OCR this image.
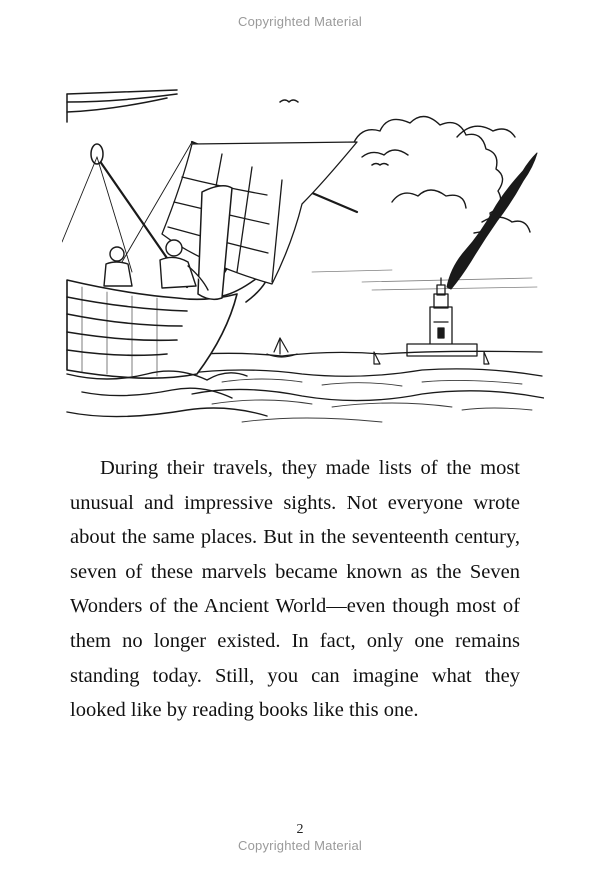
Copyrighted Material

During their travels, they made lists of the most unusual and impressive sights. Not everyone wrote about the same places. But in the seventeenth century, seven of these marvels became known as the Seven Wonders of the Ancient World—even though most of them no longer existed. In fact, only one remains standing today. Still, you can imagine what they looked like by reading books like this one.

2
Copyrighted Material
